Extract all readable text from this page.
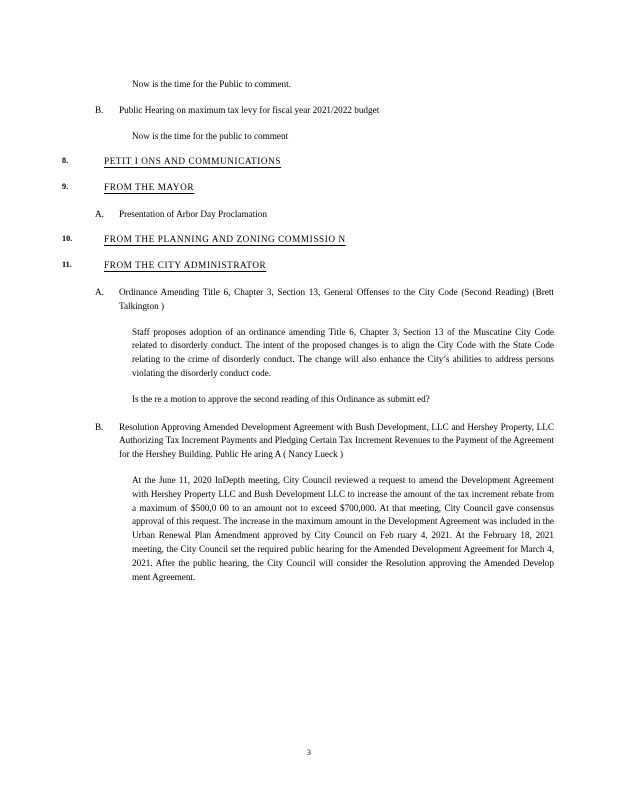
Now is the time for the Public to comment.

B. Public Hearing on maximum tax levy for fiscal year 2021/2022 budget

Now is the time for the public to comment

8.	PETIT I ONS AND COMMUNICATIONS
9.	FROM THE MAYOR

A. Presentation of Arbor Day Proclamation

10.	FROM THE PLANNING AND ZONING COMMISSIO N
11.	FROM THE CITY ADMINISTRATOR

A. Ordinance Amending Title 6, Chapter 3, Section 13, General Offenses to the City Code (Second Reading) (Brett Talkington )

Staff proposes adoption of an ordinance amending Title 6, Chapter 3, Section 13 of the Muscatine City Code related to disorderly conduct. The intent of the proposed changes is to align the City Code with the State Code relating to the crime of disorderly conduct. The change will also enhance the City’s abilities to address persons violating the disorderly conduct code.

Is the re a motion to approve the second reading of this Ordinance as submitt ed?

B. Resolution Approving Amended Development Agreement with Bush Development, LLC and Hershey Property, LLC Authorizing Tax Increment Payments and Pledging Certain Tax Increment Revenues to the Payment of the Agreement for the Hershey Building. Public He aring A ( Nancy Lueck )

At the June 11, 2020 InDepth meeting, City Council reviewed a request to amend the Development Agreement with Hershey Property LLC and Bush Development LLC to increase the amount of the tax increment rebate from a maximum of $500,0 00 to an amount not to exceed $700,000. At that meeting, City Council gave consensus approval of this request. The increase in the maximum amount in the Development Agreement was included in the Urban Renewal Plan Amendment approved by City Council on Feb ruary 4, 2021. At the February 18, 2021 meeting, the City Council set the required public hearing for the Amended Development Agreement for March 4, 2021. After the public hearing, the City Council will consider the Resolution approving the Amended Develop ment Agreement.

3
